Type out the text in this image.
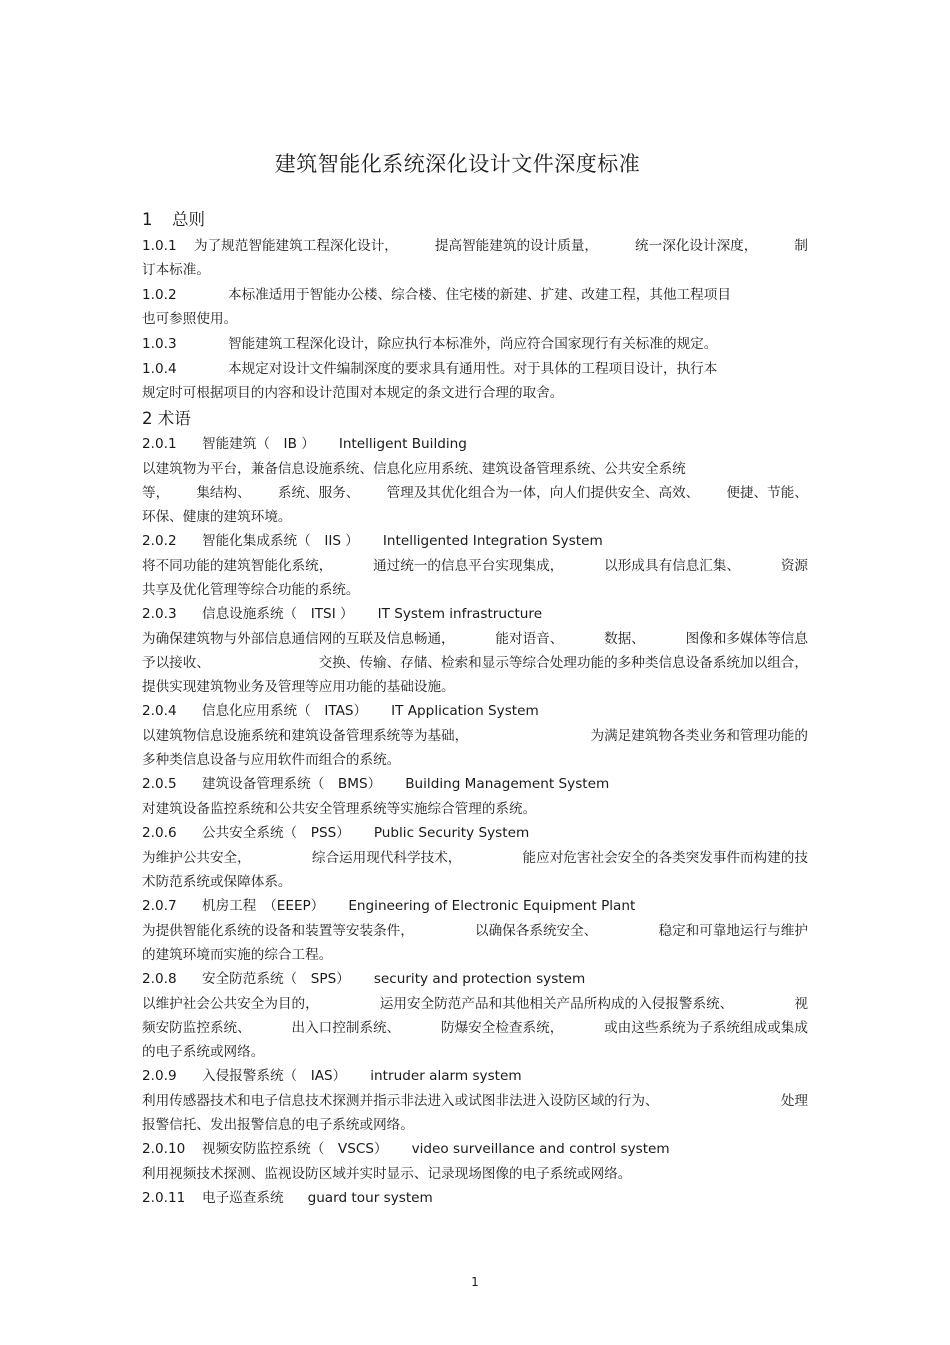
建筑智能化系统深化设计文件深度标准
1 总则
1.0.1 为了规范智能建筑工程深化设计，	提高智能建筑的设计质量，	统一深化设计深度，	制
订本标准。
1.0.2	本标准适用于智能办公楼、综合楼、住宅楼的新建、扩建、改建工程，其他工程项目
也可参照使用。
1.0.3	智能建筑工程深化设计，除应执行本标准外，尚应符合国家现行有关标准的规定。
1.0.4	本规定对设计文件编制深度的要求具有通用性。对于具体的工程项目设计，执行本
规定时可根据项目的内容和设计范围对本规定的条文进行合理的取舍。
2 术语
2.0.1 智能建筑（　IB ） Intelligent Building
以建筑物为平台，兼备信息设施系统、信息化应用系统、建筑设备管理系统、公共安全系统
等， 集结构、 系统、服务、 管理及其优化组合为一体，向人们提供安全、高效、 便捷、节能、
环保、健康的建筑环境。
2.0.2 智能化集成系统（　IIS ） Intelligented Integration System
将不同功能的建筑智能化系统，	通过统一的信息平台实现集成，	以形成具有信息汇集、	资源
共享及优化管理等综合功能的系统。
2.0.3 信息设施系统（　ITSI ） IT System infrastructure
为确保建筑物与外部信息通信网的互联及信息畅通，	能对语音、	数据、	图像和多媒体等信息
予以接收、	交换、传输、存储、检索和显示等综合处理功能的多种类信息设备系统加以组合，
提供实现建筑物业务及管理等应用功能的基础设施。
2.0.4 信息化应用系统（　ITAS） IT Application System
以建筑物信息设施系统和建筑设备管理系统等为基础，	为满足建筑物各类业务和管理功能的
多种类信息设备与应用软件而组合的系统。
2.0.5 建筑设备管理系统（　BMS） Building Management System
对建筑设备监控系统和公共安全管理系统等实施综合管理的系统。
2.0.6 公共安全系统（　PSS） Public Security System
为维护公共安全，	综合运用现代科学技术，	能应对危害社会安全的各类突发事件而构建的技
术防范系统或保障体系。
2.0.7 机房工程　（EEEP） Engineering of Electronic Equipment Plant
为提供智能化系统的设备和装置等安装条件，	以确保各系统安全、	稳定和可靠地运行与维护
的建筑环境而实施的综合工程。
2.0.8 安全防范系统（　SPS） security and protection system
以维护社会公共安全为目的，	运用安全防范产品和其他相关产品所构成的入侵报警系统、	视
频安防监控系统、	出入口控制系统、	防爆安全检查系统，	或由这些系统为子系统组成或集成
的电子系统或网络。
2.0.9 入侵报警系统（　IAS） intruder alarm system
利用传感器技术和电子信息技术探测并指示非法进入或试图非法进入设防区域的行为、	处理
报警信托、发出报警信息的电子系统或网络。
2.0.10 视频安防监控系统（　VSCS） video surveillance and control system
利用视频技术探测、监视设防区域并实时显示、记录现场图像的电子系统或网络。
2.0.11 电子巡查系统 guard tour system
1
